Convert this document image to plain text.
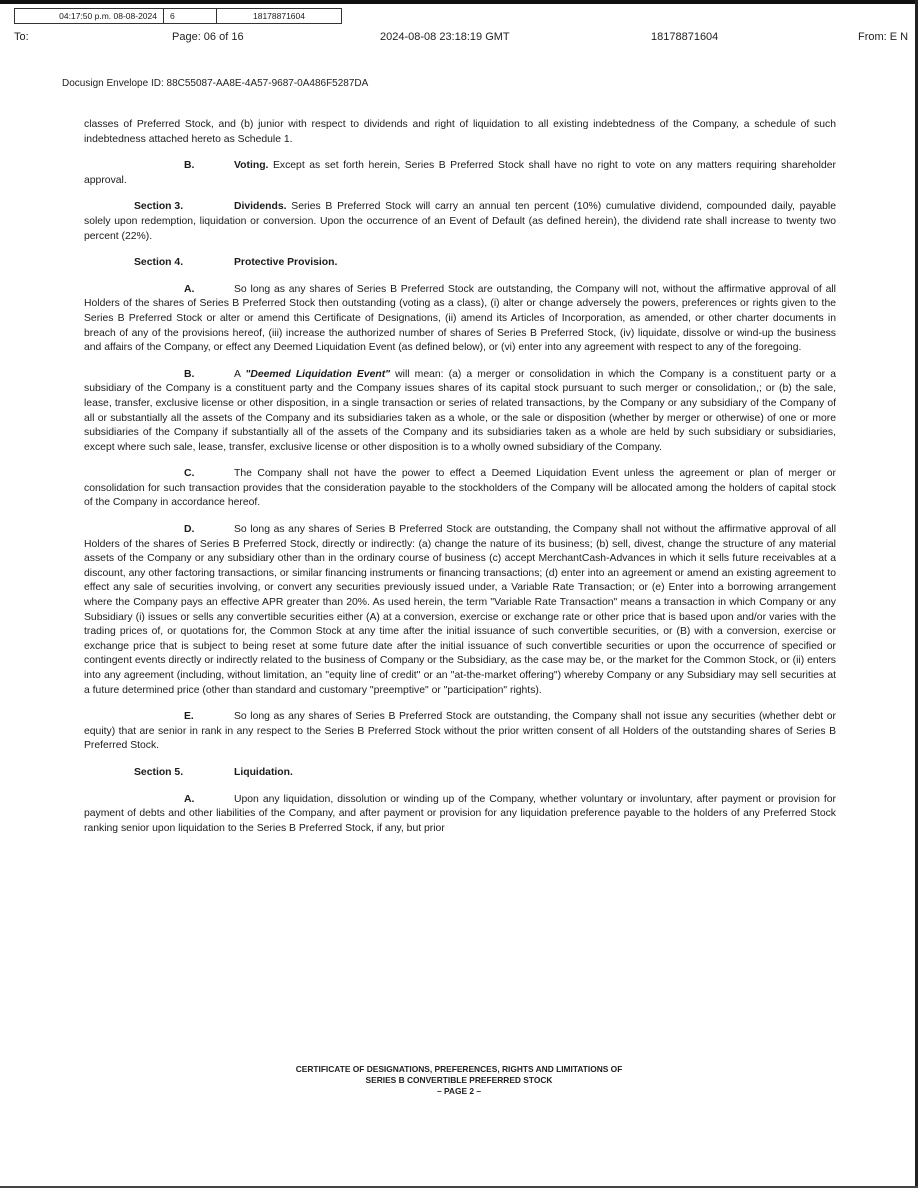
04:17:50 p.m. 08-08-2024	6	18178871604
To:	Page: 06 of 16	2024-08-08 23:18:19 GMT	18178871604	From: E N
Docusign Envelope ID: 88C55087-AA8E-4A57-9687-0A486F5287DA

classes of Preferred Stock, and (b) junior with respect to dividends and right of liquidation to all existing indebtedness of the Company, a schedule of such indebtedness attached hereto as Schedule 1.

B.	Voting. Except as set forth herein, Series B Preferred Stock shall have no right to vote on any matters requiring shareholder approval.

Section 3.	Dividends. Series B Preferred Stock will carry an annual ten percent (10%) cumulative dividend, compounded daily, payable solely upon redemption, liquidation or conversion. Upon the occurrence of an Event of Default (as defined herein), the dividend rate shall increase to twenty two percent (22%).

Section 4.	Protective Provision.

A.	So long as any shares of Series B Preferred Stock are outstanding, the Company will not, without the affirmative approval of all Holders of the shares of Series B Preferred Stock then outstanding (voting as a class), (i) alter or change adversely the powers, preferences or rights given to the Series B Preferred Stock or alter or amend this Certificate of Designations, (ii) amend its Articles of Incorporation, as amended, or other charter documents in breach of any of the provisions hereof, (iii) increase the authorized number of shares of Series B Preferred Stock, (iv) liquidate, dissolve or wind-up the business and affairs of the Company, or effect any Deemed Liquidation Event (as defined below), or (vi) enter into any agreement with respect to any of the foregoing.

B.	A "Deemed Liquidation Event" will mean: (a) a merger or consolidation in which the Company is a constituent party or a subsidiary of the Company is a constituent party and the Company issues shares of its capital stock pursuant to such merger or consolidation,; or (b) the sale, lease, transfer, exclusive license or other disposition, in a single transaction or series of related transactions, by the Company or any subsidiary of the Company of all or substantially all the assets of the Company and its subsidiaries taken as a whole, or the sale or disposition (whether by merger or otherwise) of one or more subsidiaries of the Company if substantially all of the assets of the Company and its subsidiaries taken as a whole are held by such subsidiary or subsidiaries, except where such sale, lease, transfer, exclusive license or other disposition is to a wholly owned subsidiary of the Company.

C.	The Company shall not have the power to effect a Deemed Liquidation Event unless the agreement or plan of merger or consolidation for such transaction provides that the consideration payable to the stockholders of the Company will be allocated among the holders of capital stock of the Company in accordance hereof.

D.	So long as any shares of Series B Preferred Stock are outstanding, the Company shall not without the affirmative approval of all Holders of the shares of Series B Preferred Stock, directly or indirectly: (a) change the nature of its business; (b) sell, divest, change the structure of any material assets of the Company or any subsidiary other than in the ordinary course of business (c) accept MerchantCash-Advances in which it sells future receivables at a discount, any other factoring transactions, or similar financing instruments or financing transactions; (d) enter into an agreement or amend an existing agreement to effect any sale of securities involving, or convert any securities previously issued under, a Variable Rate Transaction; or (e) Enter into a borrowing arrangement where the Company pays an effective APR greater than 20%. As used herein, the term "Variable Rate Transaction" means a transaction in which Company or any Subsidiary (i) issues or sells any convertible securities either (A) at a conversion, exercise or exchange rate or other price that is based upon and/or varies with the trading prices of, or quotations for, the Common Stock at any time after the initial issuance of such convertible securities, or (B) with a conversion, exercise or exchange price that is subject to being reset at some future date after the initial issuance of such convertible securities or upon the occurrence of specified or contingent events directly or indirectly related to the business of Company or the Subsidiary, as the case may be, or the market for the Common Stock, or (ii) enters into any agreement (including, without limitation, an "equity line of credit" or an "at-the-market offering") whereby Company or any Subsidiary may sell securities at a future determined price (other than standard and customary "preemptive" or "participation" rights).

E.	So long as any shares of Series B Preferred Stock are outstanding, the Company shall not issue any securities (whether debt or equity) that are senior in rank in any respect to the Series B Preferred Stock without the prior written consent of all Holders of the outstanding shares of Series B Preferred Stock.

Section 5.	Liquidation.

A.	Upon any liquidation, dissolution or winding up of the Company, whether voluntary or involuntary, after payment or provision for payment of debts and other liabilities of the Company, and after payment or provision for any liquidation preference payable to the holders of any Preferred Stock ranking senior upon liquidation to the Series B Preferred Stock, if any, but prior

CERTIFICATE OF DESIGNATIONS, PREFERENCES, RIGHTS AND LIMITATIONS OF
SERIES B CONVERTIBLE PREFERRED STOCK
– PAGE 2 –
